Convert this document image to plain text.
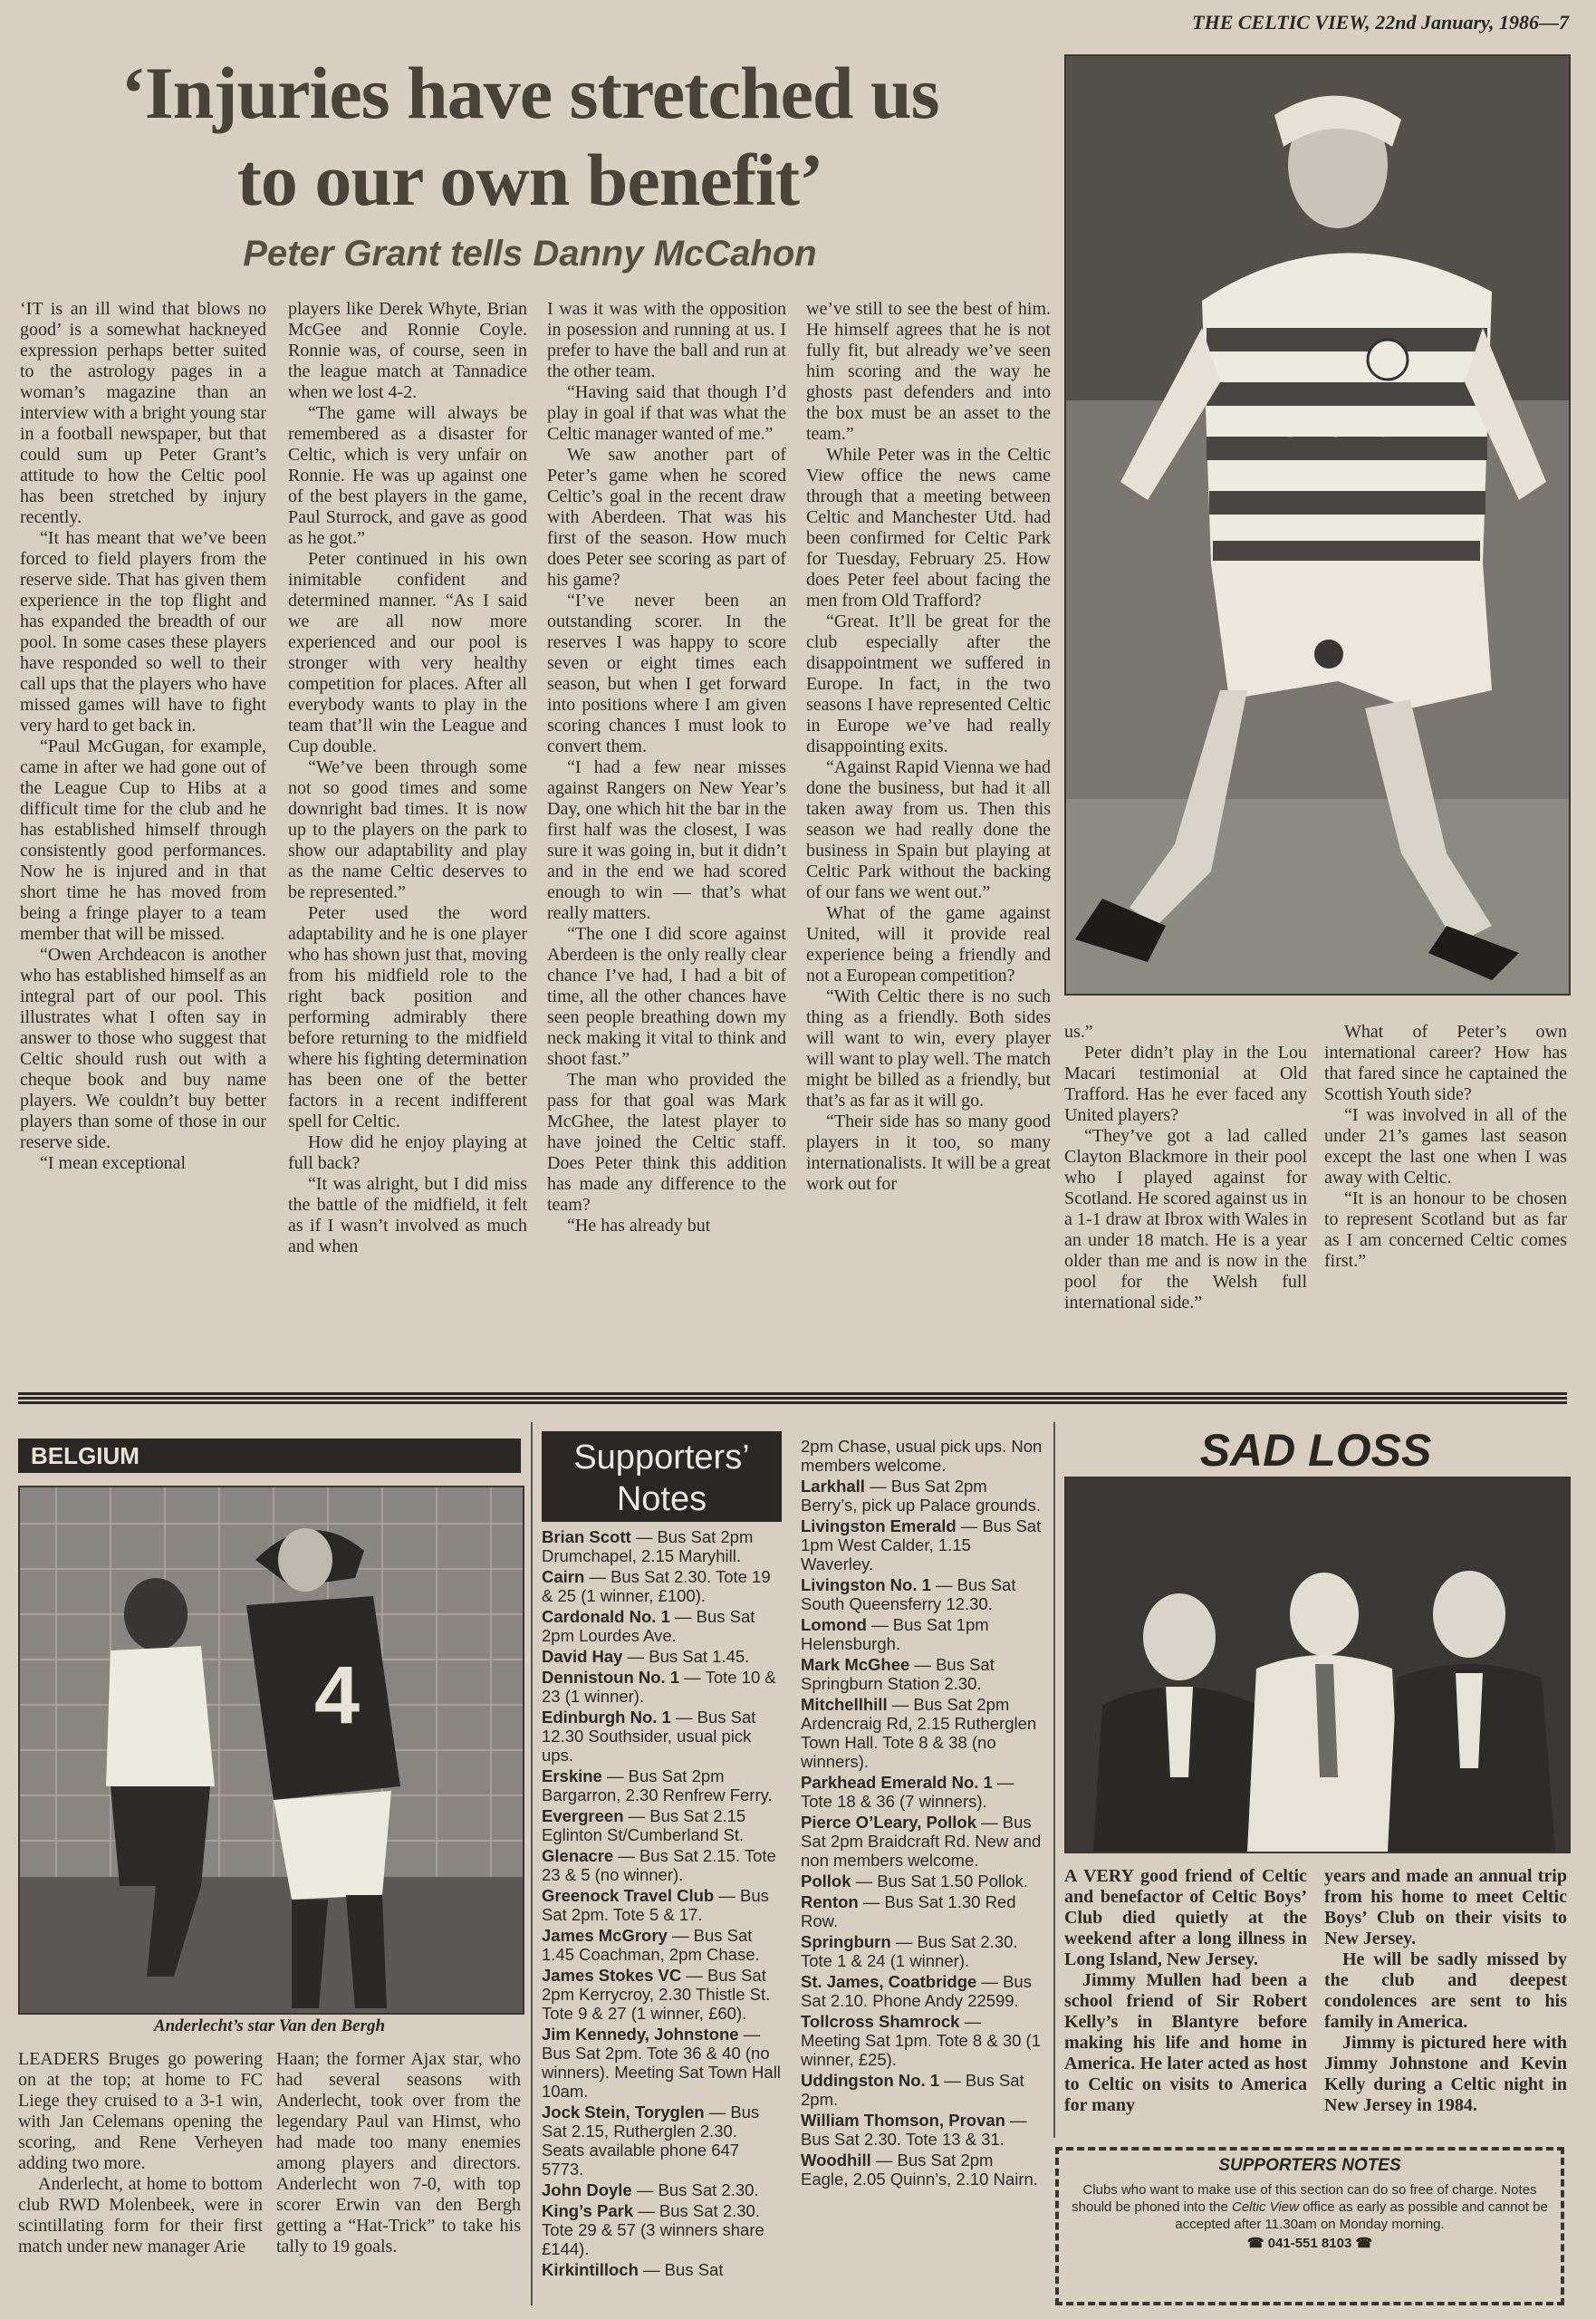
THE CELTIC VIEW, 22nd January, 1986—7
‘Injuries have stretched us
to our own benefit’
Peter Grant tells Danny McCahon

‘IT is an ill wind that blows no good’ is a somewhat hackneyed expression perhaps better suited to the astrology pages in a woman’s magazine than an interview with a bright young star in a football newspaper, but that could sum up Peter Grant’s attitude to how the Celtic pool has been stretched by injury recently.

“It has meant that we’ve been forced to field players from the reserve side. That has given them experience in the top flight and has expanded the breadth of our pool. In some cases these players have responded so well to their call ups that the players who have missed games will have to fight very hard to get back in.

“Paul McGugan, for example, came in after we had gone out of the League Cup to Hibs at a difficult time for the club and he has established himself through consistently good performances. Now he is injured and in that short time he has moved from being a fringe player to a team member that will be missed.

“Owen Archdeacon is another who has established himself as an integral part of our pool. This illustrates what I often say in answer to those who suggest that Celtic should rush out with a cheque book and buy name players. We couldn’t buy better players than some of those in our reserve side.

“I mean exceptional

players like Derek Whyte, Brian McGee and Ronnie Coyle. Ronnie was, of course, seen in the league match at Tannadice when we lost 4-2.

“The game will always be remembered as a disaster for Celtic, which is very unfair on Ronnie. He was up against one of the best players in the game, Paul Sturrock, and gave as good as he got.”

Peter continued in his own inimitable confident and determined manner. “As I said we are all now more experienced and our pool is stronger with very healthy competition for places. After all everybody wants to play in the team that’ll win the League and Cup double.

“We’ve been through some not so good times and some downright bad times. It is now up to the players on the park to show our adaptability and play as the name Celtic deserves to be represented.”

Peter used the word adaptability and he is one player who has shown just that, moving from his midfield role to the right back position and performing admirably there before returning to the midfield where his fighting determination has been one of the better factors in a recent indifferent spell for Celtic.

How did he enjoy playing at full back?

“It was alright, but I did miss the battle of the midfield, it felt as if I wasn’t involved as much and when

I was it was with the opposition in posession and running at us. I prefer to have the ball and run at the other team.

“Having said that though I’d play in goal if that was what the Celtic manager wanted of me.”

We saw another part of Peter’s game when he scored Celtic’s goal in the recent draw with Aberdeen. That was his first of the season. How much does Peter see scoring as part of his game?

“I’ve never been an outstanding scorer. In the reserves I was happy to score seven or eight times each season, but when I get forward into positions where I am given scoring chances I must look to convert them.

“I had a few near misses against Rangers on New Year’s Day, one which hit the bar in the first half was the closest, I was sure it was going in, but it didn’t and in the end we had scored enough to win — that’s what really matters.

“The one I did score against Aberdeen is the only really clear chance I’ve had, I had a bit of time, all the other chances have seen people breathing down my neck making it vital to think and shoot fast.”

The man who provided the pass for that goal was Mark McGhee, the latest player to have joined the Celtic staff. Does Peter think this addition has made any difference to the team?

“He has already but

we’ve still to see the best of him. He himself agrees that he is not fully fit, but already we’ve seen him scoring and the way he ghosts past defenders and into the box must be an asset to the team.”

While Peter was in the Celtic View office the news came through that a meeting between Celtic and Manchester Utd. had been confirmed for Celtic Park for Tuesday, February 25. How does Peter feel about facing the men from Old Trafford?

“Great. It’ll be great for the club especially after the disappointment we suffered in Europe. In fact, in the two seasons I have represented Celtic in Europe we’ve had really disappointing exits.

“Against Rapid Vienna we had done the business, but had it all taken away from us. Then this season we had really done the business in Spain but playing at Celtic Park without the backing of our fans we went out.”

What of the game against United, will it provide real experience being a friendly and not a European competition?

“With Celtic there is no such thing as a friendly. Both sides will want to win, every player will want to play well. The match might be billed as a friendly, but that’s as far as it will go.

“Their side has so many good players in it too, so many internationalists. It will be a great work out for

us.”

Peter didn’t play in the Lou Macari testimonial at Old Trafford. Has he ever faced any United players?

“They’ve got a lad called Clayton Blackmore in their pool who I played against for Scotland. He scored against us in a 1-1 draw at Ibrox with Wales in an under 18 match. He is a year older than me and is now in the pool for the Welsh full international side.”

What of Peter’s own international career? How has that fared since he captained the Scottish Youth side?

“I was involved in all of the under 21’s games last season except the last one when I was away with Celtic.

“It is an honour to be chosen to represent Scotland but as far as I am concerned Celtic comes first.”

CR Smith
BELGIUM
4
Anderlecht’s star Van den Bergh

LEADERS Bruges go powering on at the top; at home to FC Liege they cruised to a 3-1 win, with Jan Celemans opening the scoring, and Rene Verheyen adding two more.

Anderlecht, at home to bottom club RWD Molenbeek, were in scintillating form for their first match under new manager Arie

Haan; the former Ajax star, who had several seasons with Anderlecht, took over from the legendary Paul van Himst, who had made too many enemies among players and directors. Anderlecht won 7-0, with top scorer Erwin van den Bergh getting a “Hat-Trick” to take his tally to 19 goals.

Supporters’
Notes
Brian Scott — Bus Sat 2pm Drumchapel, 2.15 Maryhill.
Cairn — Bus Sat 2.30. Tote 19 & 25 (1 winner, £100).
Cardonald No. 1 — Bus Sat 2pm Lourdes Ave.
David Hay — Bus Sat 1.45.
Dennistoun No. 1 — Tote 10 & 23 (1 winner).
Edinburgh No. 1 — Bus Sat 12.30 Southsider, usual pick ups.
Erskine — Bus Sat 2pm Bargarron, 2.30 Renfrew Ferry.
Evergreen — Bus Sat 2.15 Eglinton St/Cumberland St.
Glenacre — Bus Sat 2.15. Tote 23 & 5 (no winner).
Greenock Travel Club — Bus Sat 2pm. Tote 5 & 17.
James McGrory — Bus Sat 1.45 Coachman, 2pm Chase.
James Stokes VC — Bus Sat 2pm Kerrycroy, 2.30 Thistle St. Tote 9 & 27 (1 winner, £60).
Jim Kennedy, Johnstone — Bus Sat 2pm. Tote 36 & 40 (no winners). Meeting Sat Town Hall 10am.
Jock Stein, Toryglen — Bus Sat 2.15, Rutherglen 2.30. Seats available phone 647 5773.
John Doyle — Bus Sat 2.30.
King’s Park — Bus Sat 2.30. Tote 29 & 57 (3 winners share £144).
Kirkintilloch — Bus Sat
2pm Chase, usual pick ups. Non members welcome.
Larkhall — Bus Sat 2pm Berry’s, pick up Palace grounds.
Livingston Emerald — Bus Sat 1pm West Calder, 1.15 Waverley.
Livingston No. 1 — Bus Sat South Queensferry 12.30.
Lomond — Bus Sat 1pm Helensburgh.
Mark McGhee — Bus Sat Springburn Station 2.30.
Mitchellhill — Bus Sat 2pm Ardencraig Rd, 2.15 Rutherglen Town Hall. Tote 8 & 38 (no winners).
Parkhead Emerald No. 1 — Tote 18 & 36 (7 winners).
Pierce O’Leary, Pollok — Bus Sat 2pm Braidcraft Rd. New and non members welcome.
Pollok — Bus Sat 1.50 Pollok.
Renton — Bus Sat 1.30 Red Row.
Springburn — Bus Sat 2.30. Tote 1 & 24 (1 winner).
St. James, Coatbridge — Bus Sat 2.10. Phone Andy 22599.
Tollcross Shamrock — Meeting Sat 1pm. Tote 8 & 30 (1 winner, £25).
Uddingston No. 1 — Bus Sat 2pm.
William Thomson, Provan — Bus Sat 2.30. Tote 13 & 31.
Woodhill — Bus Sat 2pm Eagle, 2.05 Quinn’s, 2.10 Nairn.
SAD LOSS

A VERY good friend of Celtic and benefactor of Celtic Boys’ Club died quietly at the weekend after a long illness in Long Island, New Jersey.

Jimmy Mullen had been a school friend of Sir Robert Kelly’s in Blantyre before making his life and home in America. He later acted as host to Celtic on visits to America for many

years and made an annual trip from his home to meet Celtic Boys’ Club on their visits to New Jersey.

He will be sadly missed by the club and deepest condolences are sent to his family in America.

Jimmy is pictured here with Jimmy Johnstone and Kevin Kelly during a Celtic night in New Jersey in 1984.

SUPPORTERS NOTES
Clubs who want to make use of this section can do so free of charge. Notes should be phoned into the Celtic View office as early as possible and cannot be accepted after 11.30am on Monday morning.
☎ 041-551 8103 ☎
